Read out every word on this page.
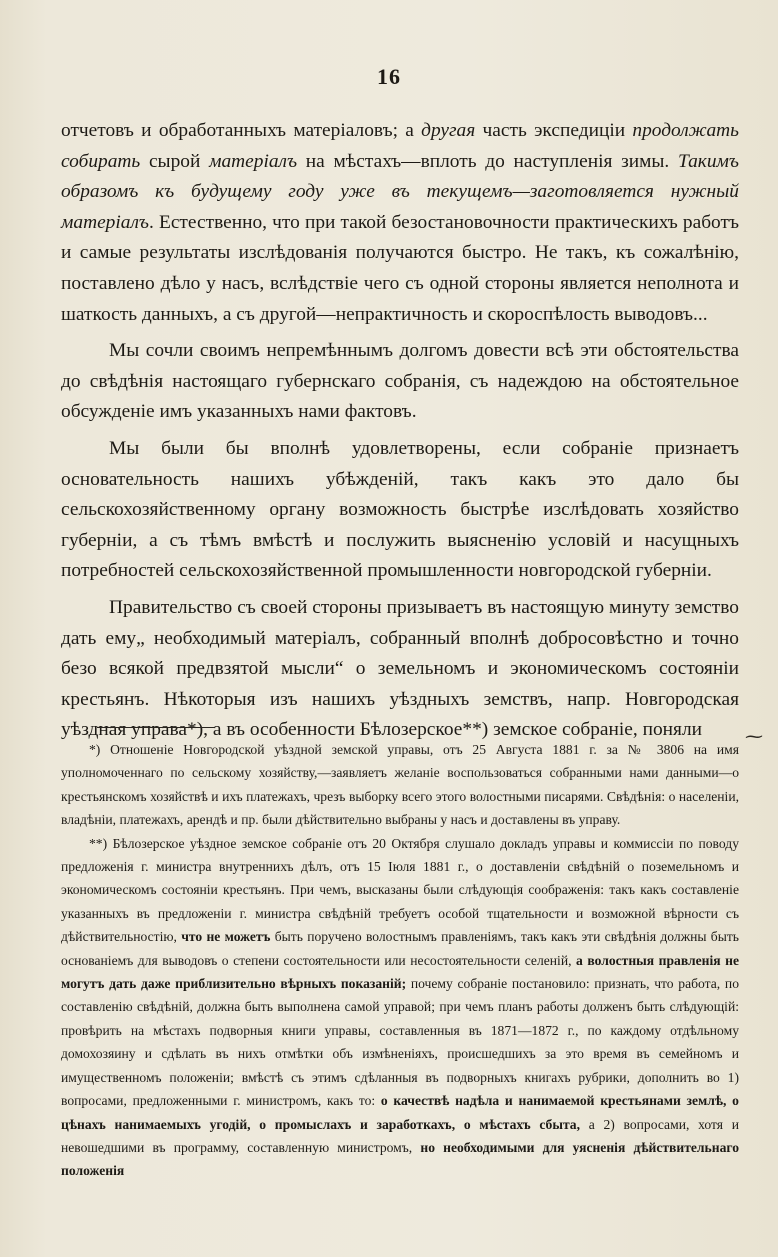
16

отчетовъ и обработанныхъ матеріаловъ; а другая часть экспедиціи продолжать собирать сырой матеріалъ на мѣстахъ—вплоть до наступленія зимы. Такимъ образомъ къ будущему году уже въ текущемъ—заготовляется нужный матеріалъ. Естественно, что при такой безостановочности практическихъ работъ и самые результаты изслѣдованія получаются быстро. Не такъ, къ сожалѣнію, поставлено дѣло у насъ, вслѣдствіе чего съ одной стороны является неполнота и шаткость данныхъ, а съ другой—непрактичность и скороспѣлость выводовъ...

Мы сочли своимъ непремѣннымъ долгомъ довести всѣ эти обстоятельства до свѣдѣнія настоящаго губернскаго собранія, съ надеждою на обстоятельное обсужденіе имъ указанныхъ нами фактовъ.

Мы были бы вполнѣ удовлетворены, если собраніе признаетъ основательность нашихъ убѣжденій, такъ какъ это дало бы сельскохозяйственному органу возможность быстрѣе изслѣдовать хозяйство губерніи, а съ тѣмъ вмѣстѣ и послужить выясненію условій и насущныхъ потребностей сельскохозяйственной промышленности новгородской губерніи.

Правительство съ своей стороны призываетъ въ настоящую минуту земство дать ему„ необходимый матеріалъ, собранный вполнѣ добросовѣстно и точно безо всякой предвзятой мысли“ о земельномъ и экономическомъ состояніи крестьянъ. Нѣкоторыя изъ нашихъ уѣздныхъ земствъ, напр. Новгородская уѣздная управа*), а въ особенности Бѣлозерское**) земское собраніе, поняли	⁓

*) Отношеніе Новгородской уѣздной земской управы, отъ 25 Августа 1881 г. за № 3806 на имя уполномоченнаго по сельскому хозяйству,—заявляетъ желаніе воспользоваться собранными нами данными—о крестьянскомъ хозяйствѣ и ихъ платежахъ, чрезъ выборку всего этого волостными писарями. Свѣдѣнія: о населеніи, владѣніи, платежахъ, арендѣ и пр. были дѣйствительно выбраны у насъ и доставлены въ управу.

**) Бѣлозерское уѣздное земское собраніе отъ 20 Октября слушало докладъ управы и коммиссіи по поводу предложенія г. министра внутреннихъ дѣлъ, отъ 15 Іюля 1881 г., о доставленіи свѣдѣній о поземельномъ и экономическомъ состояніи крестьянъ. При чемъ, высказаны были слѣдующія соображенія: такъ какъ составленіе указанныхъ въ предложеніи г. министра свѣдѣній требуетъ особой тщательности и возможной вѣрности съ дѣйствительностію, что не можетъ быть поручено волостнымъ правленіямъ, такъ какъ эти свѣдѣнія должны быть основаніемъ для выводовъ о степени состоятельности или несостоятельности селеній, а волостныя правленія не могутъ дать даже приблизительно вѣрныхъ показаній; почему собраніе постановило: признать, что работа, по составленію свѣдѣній, должна быть выполнена самой управой; при чемъ планъ работы долженъ быть слѣдующій: провѣрить на мѣстахъ подворныя книги управы, составленныя въ 1871—1872 г., по каждому отдѣльному домохозяину и сдѣлать въ нихъ отмѣтки объ измѣненіяхъ, происшедшихъ за это время въ семейномъ и имущественномъ положеніи; вмѣстѣ съ этимъ сдѣланныя въ подворныхъ книгахъ рубрики, дополнить во 1) вопросами, предложенными г. министромъ, какъ то: о качествѣ надѣла и нанимаемой крестьянами землѣ, о цѣнахъ нанимаемыхъ угодій, о промыслахъ и заработкахъ, о мѣстахъ сбыта, а 2) вопросами, хотя и невошедшими въ программу, составленную министромъ, но необходимыми для уясненія дѣйствительнаго положенія
